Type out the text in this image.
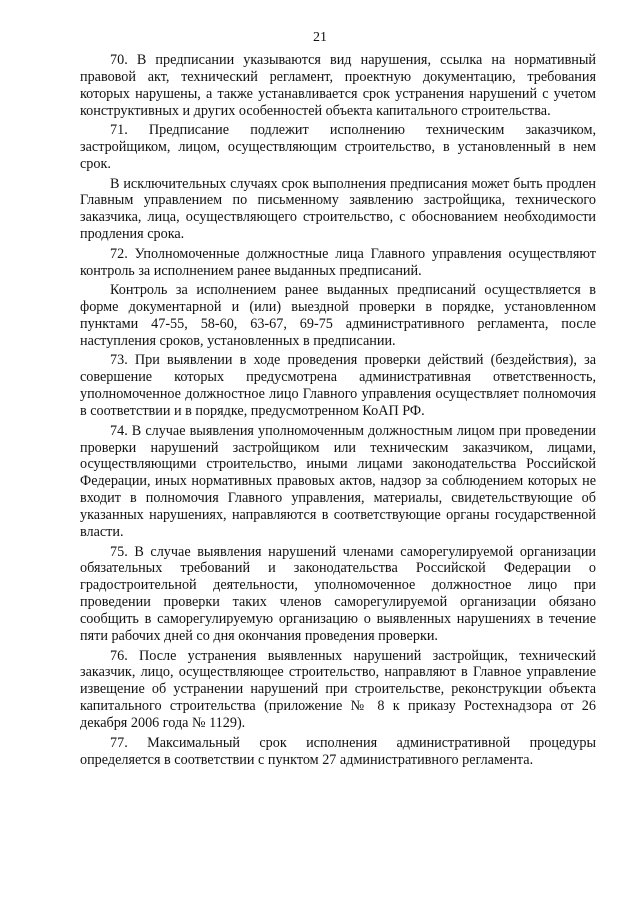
21

70. В предписании указываются вид нарушения, ссылка на нормативный правовой акт, технический регламент, проектную документацию, требования которых нарушены, а также устанавливается срок устранения нарушений с учетом конструктивных и других особенностей объекта капитального строительства.

71. Предписание подлежит исполнению техническим заказчиком, застройщиком, лицом, осуществляющим строительство, в установленный в нем срок.

В исключительных случаях срок выполнения предписания может быть продлен Главным управлением по письменному заявлению застройщика, технического заказчика, лица, осуществляющего строительство, с обоснованием необходимости продления срока.

72. Уполномоченные должностные лица Главного управления осуществляют контроль за исполнением ранее выданных предписаний.

Контроль за исполнением ранее выданных предписаний осуществляется в форме документарной и (или) выездной проверки в порядке, установленном пунктами 47-55, 58-60, 63-67, 69-75 административного регламента, после наступления сроков, установленных в предписании.

73. При выявлении в ходе проведения проверки действий (бездействия), за совершение которых предусмотрена административная ответственность, уполномоченное должностное лицо Главного управления осуществляет полномочия в соответствии и в порядке, предусмотренном КоАП РФ.

74. В случае выявления уполномоченным должностным лицом при проведении проверки нарушений застройщиком или техническим заказчиком, лицами, осуществляющими строительство, иными лицами законодательства Российской Федерации, иных нормативных правовых актов, надзор за соблюдением которых не входит в полномочия Главного управления, материалы, свидетельствующие об указанных нарушениях, направляются в соответствующие органы государственной власти.

75. В случае выявления нарушений членами саморегулируемой организации обязательных требований и законодательства Российской Федерации о градостроительной деятельности, уполномоченное должностное лицо при проведении проверки таких членов саморегулируемой организации обязано сообщить в саморегулируемую организацию о выявленных нарушениях в течение пяти рабочих дней со дня окончания проведения проверки.

76. После устранения выявленных нарушений застройщик, технический заказчик, лицо, осуществляющее строительство, направляют в Главное управление извещение об устранении нарушений при строительстве, реконструкции объекта капитального строительства (приложение № 8 к приказу Ростехнадзора от 26 декабря 2006 года № 1129).

77. Максимальный срок исполнения административной процедуры определяется в соответствии с пунктом 27 административного регламента.
